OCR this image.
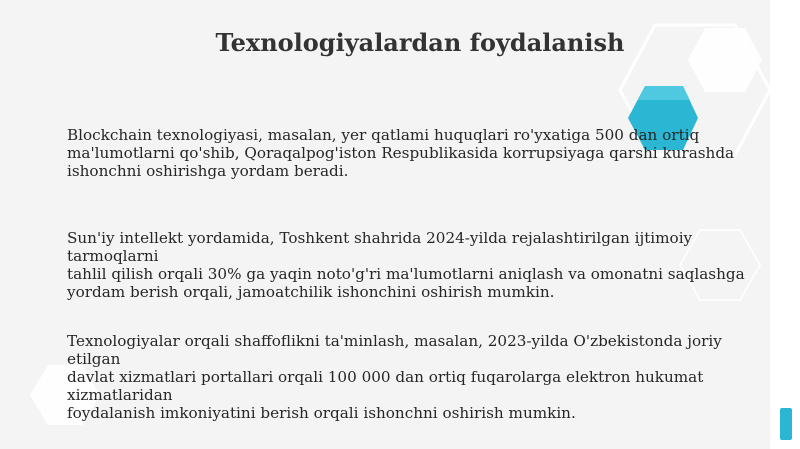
Texnologiyalardan foydalanish

Blockchain texnologiyasi, masalan, yer qatlami huquqlari ro'yxatiga 500 dan ortiq
ma'lumotlarni qo'shib, Qoraqalpog'iston Respublikasida korrupsiyaga qarshi kurashda
ishonchni oshirishga yordam beradi.

Sun'iy intellekt yordamida, Toshkent shahrida 2024-yilda rejalashtirilgan ijtimoiy tarmoqlarni
tahlil qilish orqali 30% ga yaqin noto'g'ri ma'lumotlarni aniqlash va omonatni saqlashga
yordam berish orqali, jamoatchilik ishonchini oshirish mumkin.

Texnologiyalar orqali shaffoflikni ta'minlash, masalan, 2023-yilda O'zbekistonda joriy etilgan
davlat xizmatlari portallari orqali 100 000 dan ortiq fuqarolarga elektron hukumat xizmatlaridan
foydalanish imkoniyatini berish orqali ishonchni oshirish mumkin.
